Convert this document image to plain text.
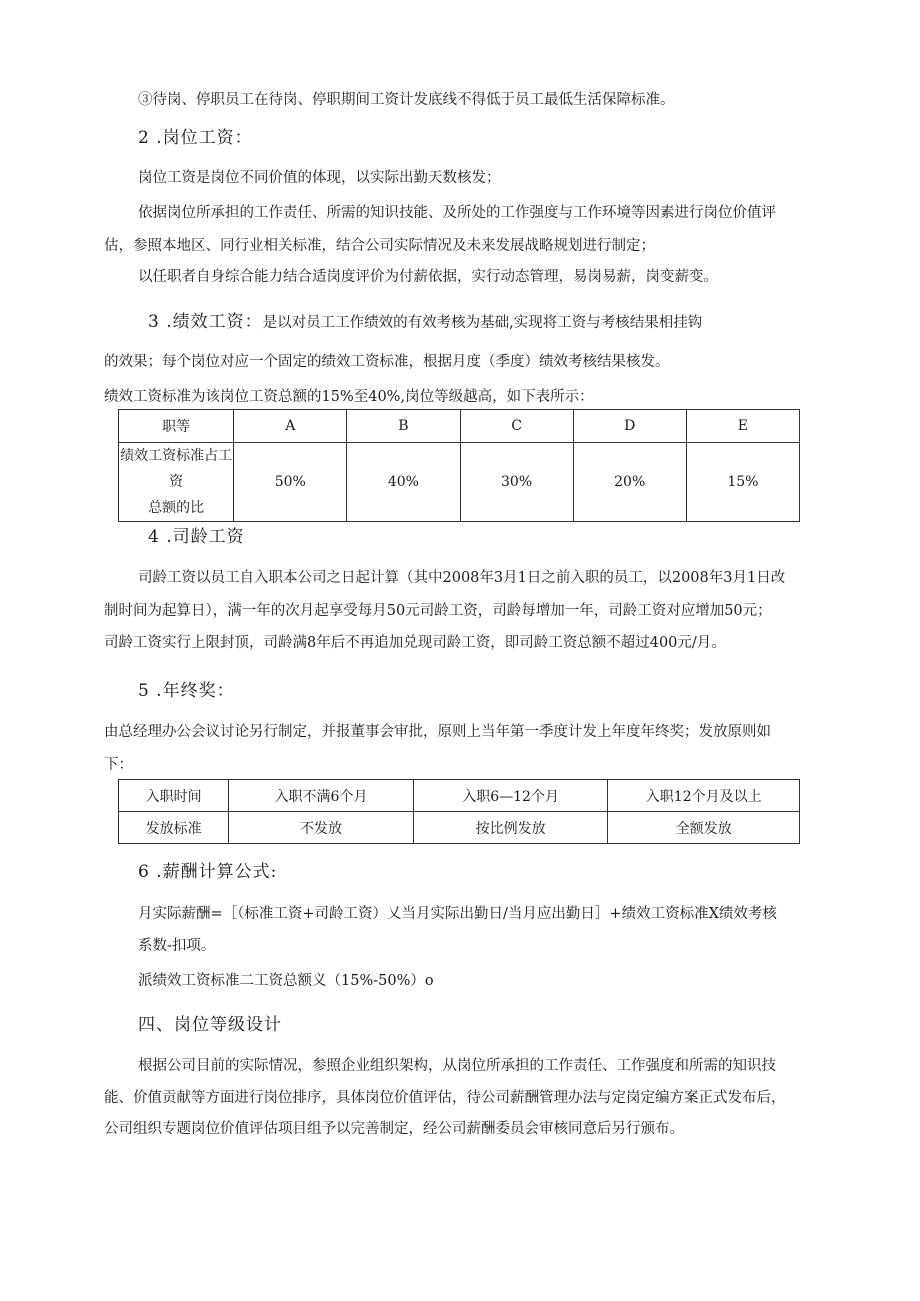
③待岗、停职员工在待岗、停职期间工资计发底线不得低于员工最低生活保障标准。
2 .岗位工资：
岗位工资是岗位不同价值的体现，以实际出勤天数核发；
依据岗位所承担的工作责任、所需的知识技能、及所处的工作强度与工作环境等因素进行岗位价值评
估，参照本地区、同行业相关标准，结合公司实际情况及未来发展战略规划进行制定；
以任职者自身综合能力结合适岗度评价为付薪依据，实行动态管理，易岗易薪，岗变薪变。
3 .绩效工资：是以对员工工作绩效的有效考核为基础,实现将工资与考核结果相挂钩
的效果；每个岗位对应一个固定的绩效工资标准，根据月度（季度）绩效考核结果核发。
绩效工资标准为该岗位工资总额的15%至40%,岗位等级越高，如下表所示：
职等	A	B	C	D	E

绩效工资标准占工资
总额的比	50%	40%	30%	20%	15%
4 .司龄工资
司龄工资以员工自入职本公司之日起计算（其中2008年3月1日之前入职的员工，以2008年3月1日改
制时间为起算日），满一年的次月起享受每月50元司龄工资，司龄每增加一年，司龄工资对应增加50元；
司龄工资实行上限封顶，司龄满8年后不再追加兑现司龄工资，即司龄工资总额不超过400元/月。
5 .年终奖：
由总经理办公会议讨论另行制定，并报董事会审批，原则上当年第一季度计发上年度年终奖；发放原则如
下：
入职时间	入职不满6个月	入职6—12个月	入职12个月及以上
发放标准	不发放	按比例发放	全额发放
6 .薪酬计算公式:
月实际薪酬=［（标准工资+司龄工资）乂当月实际出勤日/当月应出勤日］+绩效工资标准X绩效考核
系数-扣项。
派绩效工资标准二工资总额义（15%-50%）o
四、岗位等级设计
根据公司目前的实际情况，参照企业组织架构，从岗位所承担的工作责任、工作强度和所需的知识技
能、价值贡献等方面进行岗位排序，具体岗位价值评估，待公司薪酬管理办法与定岗定编方案正式发布后，
公司组织专题岗位价值评估项目组予以完善制定，经公司薪酬委员会审核同意后另行颁布。
